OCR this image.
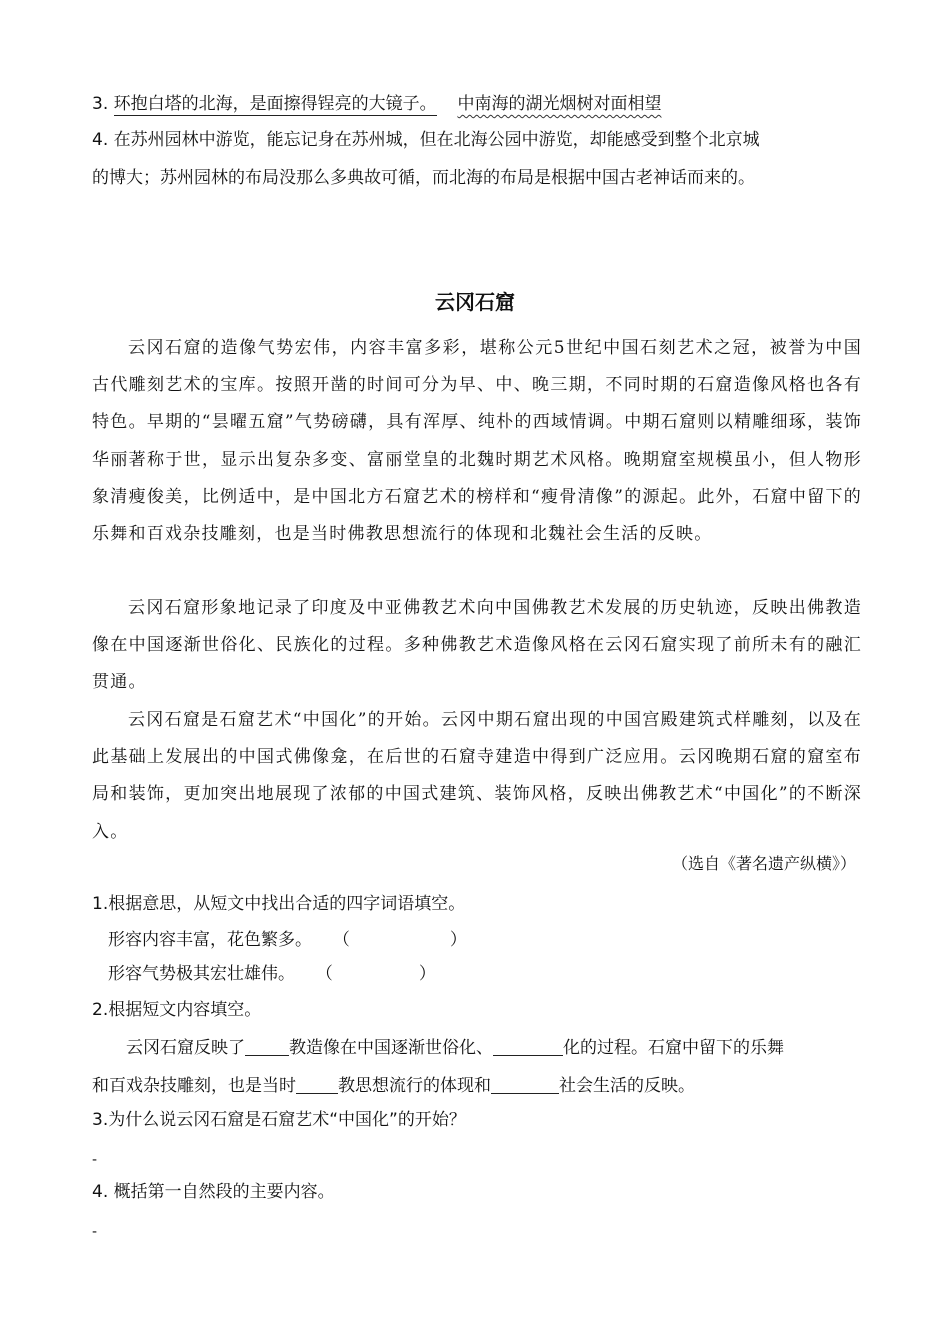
3. 环抱白塔的北海，是面擦得锃亮的大镜子。 中南海的湖光烟树对面相望
4. 在苏州园林中游览，能忘记身在苏州城，但在北海公园中游览，却能感受到整个北京城
的博大；苏州园林的布局没那么多典故可循，而北海的布局是根据中国古老神话而来的。
云冈石窟
云冈石窟的造像气势宏伟，内容丰富多彩，堪称公元5世纪中国石刻艺术之冠，被誉为中国古代雕刻艺术的宝库。按照开凿的时间可分为早、中、晚三期，不同时期的石窟造像风格也各有特色。早期的“昙曜五窟”气势磅礴，具有浑厚、纯朴的西域情调。中期石窟则以精雕细琢，装饰华丽著称于世，显示出复杂多变、富丽堂皇的北魏时期艺术风格。晚期窟室规模虽小，但人物形象清瘦俊美，比例适中，是中国北方石窟艺术的榜样和“瘦骨清像”的源起。此外，石窟中留下的乐舞和百戏杂技雕刻，也是当时佛教思想流行的体现和北魏社会生活的反映。
云冈石窟形象地记录了印度及中亚佛教艺术向中国佛教艺术发展的历史轨迹，反映出佛教造像在中国逐渐世俗化、民族化的过程。多种佛教艺术造像风格在云冈石窟实现了前所未有的融汇贯通。
云冈石窟是石窟艺术“中国化”的开始。云冈中期石窟出现的中国宫殿建筑式样雕刻，以及在此基础上发展出的中国式佛像龛，在后世的石窟寺建造中得到广泛应用。云冈晚期石窟的窟室布局和装饰，更加突出地展现了浓郁的中国式建筑、装饰风格，反映出佛教艺术“中国化”的不断深入。
（选自《著名遗产纵横》）
1.根据意思，从短文中找出合适的四字词语填空。
形容内容丰富，花色繁多。 （	）
形容气势极其宏壮雄伟。 （	）
2.根据短文内容填空。
云冈石窟反映了	教造像在中国逐渐世俗化、	化的过程。石窟中留下的乐舞
和百戏杂技雕刻，也是当时 教思想流行的体现和	社会生活的反映。
3.为什么说云冈石窟是石窟艺术“中国化”的开始？
-
4. 概括第一自然段的主要内容。
-
